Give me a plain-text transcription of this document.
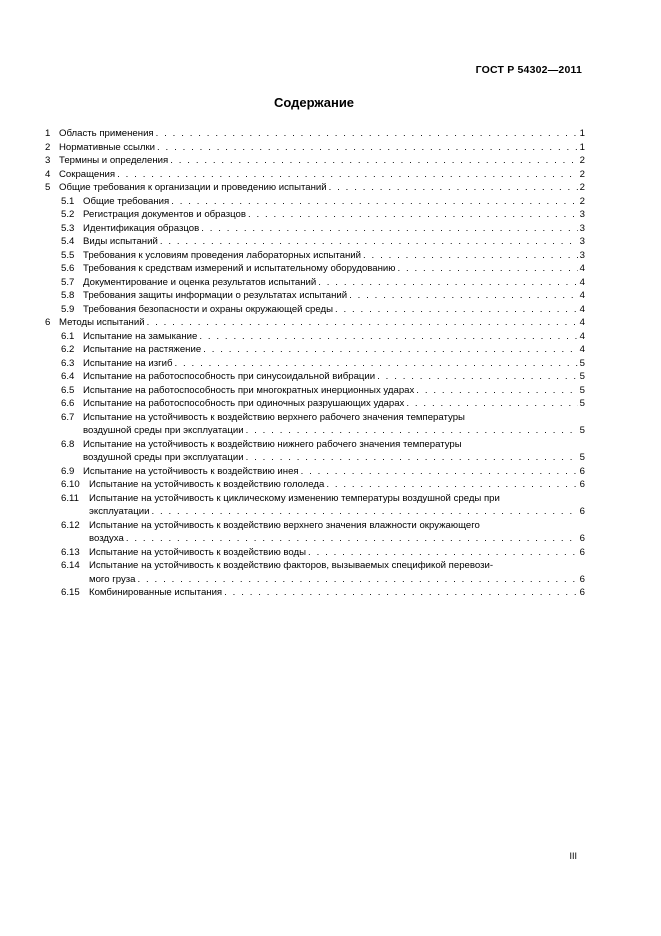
ГОСТ Р 54302—2011
Содержание
1 Область применения . . .	1
2 Нормативные ссылки . . .	1
3 Термины и определения . . .	2
4 Сокращения . . .	2
5 Общие требования к организации и проведению испытаний . . .	2
5.1 Общие требования . . .	2
5.2 Регистрация документов и образцов . . .	3
5.3 Идентификация образцов . . .	3
5.4 Виды испытаний . . .	3
5.5 Требования к условиям проведения лабораторных испытаний . . .	3
5.6 Требования к средствам измерений и испытательному оборудованию . . .	4
5.7 Документирование и оценка результатов испытаний . . .	4
5.8 Требования защиты информации о результатах испытаний . . .	4
5.9 Требования безопасности и охраны окружающей среды . . .	4
6 Методы испытаний . . .	4
6.1 Испытание на замыкание . . .	4
6.2 Испытание на растяжение . . .	4
6.3 Испытание на изгиб . . .	5
6.4 Испытание на работоспособность при синусоидальной вибрации . . .	5
6.5 Испытание на работоспособность при многократных инерционных ударах . . .	5
6.6 Испытание на работоспособность при одиночных разрушающих ударах . . .	5
6.7 Испытание на устойчивость к воздействию верхнего рабочего значения температуры
воздушной среды при эксплуатации . . .	5
6.8 Испытание на устойчивость к воздействию нижнего рабочего значения температуры
воздушной среды при эксплуатации . . .	5
6.9 Испытание на устойчивость к воздействию инея . . .	6
6.10 Испытание на устойчивость к воздействию гололеда . . .	6
6.11	Испытание на устойчивость к циклическому изменению температуры воздушной среды при
эксплуатации . . .	6
6.12 Испытание на устойчивость к воздействию верхнего значения влажности окружающего
воздуха . . .	6
6.13 Испытание на устойчивость к воздействию воды . . .	6
6.14 Испытание на устойчивость к воздействию факторов, вызываемых спецификой перевози-
мого груза . . .	6
6.15 Комбинированные испытания . . .	6
III
